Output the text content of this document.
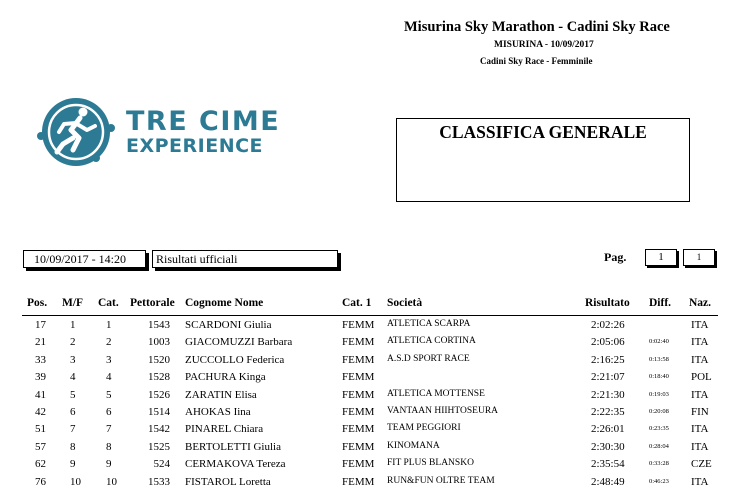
Misurina Sky Marathon - Cadini Sky Race
MISURINA - 10/09/2017
Cadini Sky Race - Femminile
TRE CIME
EXPERIENCE
CLASSIFICA GENERALE
10/09/2017 - 14:20	Risultati ufficiali	Pag.	1	1
Pos. M/F Cat. Pettorale Cognome Nome	Cat. 1 Società	Risultato Diff. Naz.
17 1	1	1543 SCARDONI Giulia	FEMM ATLETICA SCARPA	2:02:26	ITA
21 2	2	1003 GIACOMUZZI Barbara	FEMM ATLETICA CORTINA	2:05:06	0:02:40 ITA
33 3	3	1520 ZUCCOLLO Federica	FEMM A.S.D SPORT RACE	2:16:25	0:13:58 ITA
39 4	4	1528 PACHURA Kinga	FEMM	2:21:07	0:18:40 POL
41 5	5	1526 ZARATIN Elisa	FEMM ATLETICA MOTTENSE	2:21:30	0:19:03 ITA
42 6	6	1514 AHOKAS Iina	FEMM VANTAAN HIIHTOSEURA	2:22:35	0:20:08 FIN
51 7	7	1542 PINAREL Chiara	FEMM TEAM PEGGIORI	2:26:01	0:23:35 ITA
57 8	8	1525 BERTOLETTI Giulia	FEMM KINOMANA	2:30:30	0:28:04 ITA
62 9	9	524 CERMAKOVA Tereza	FEMM FIT PLUS BLANSKO	2:35:54	0:33:28 CZE
76 10 10	1533 FISTAROL Loretta	FEMM RUN&FUN OLTRE TEAM	2:48:49	0:46:23 ITA
